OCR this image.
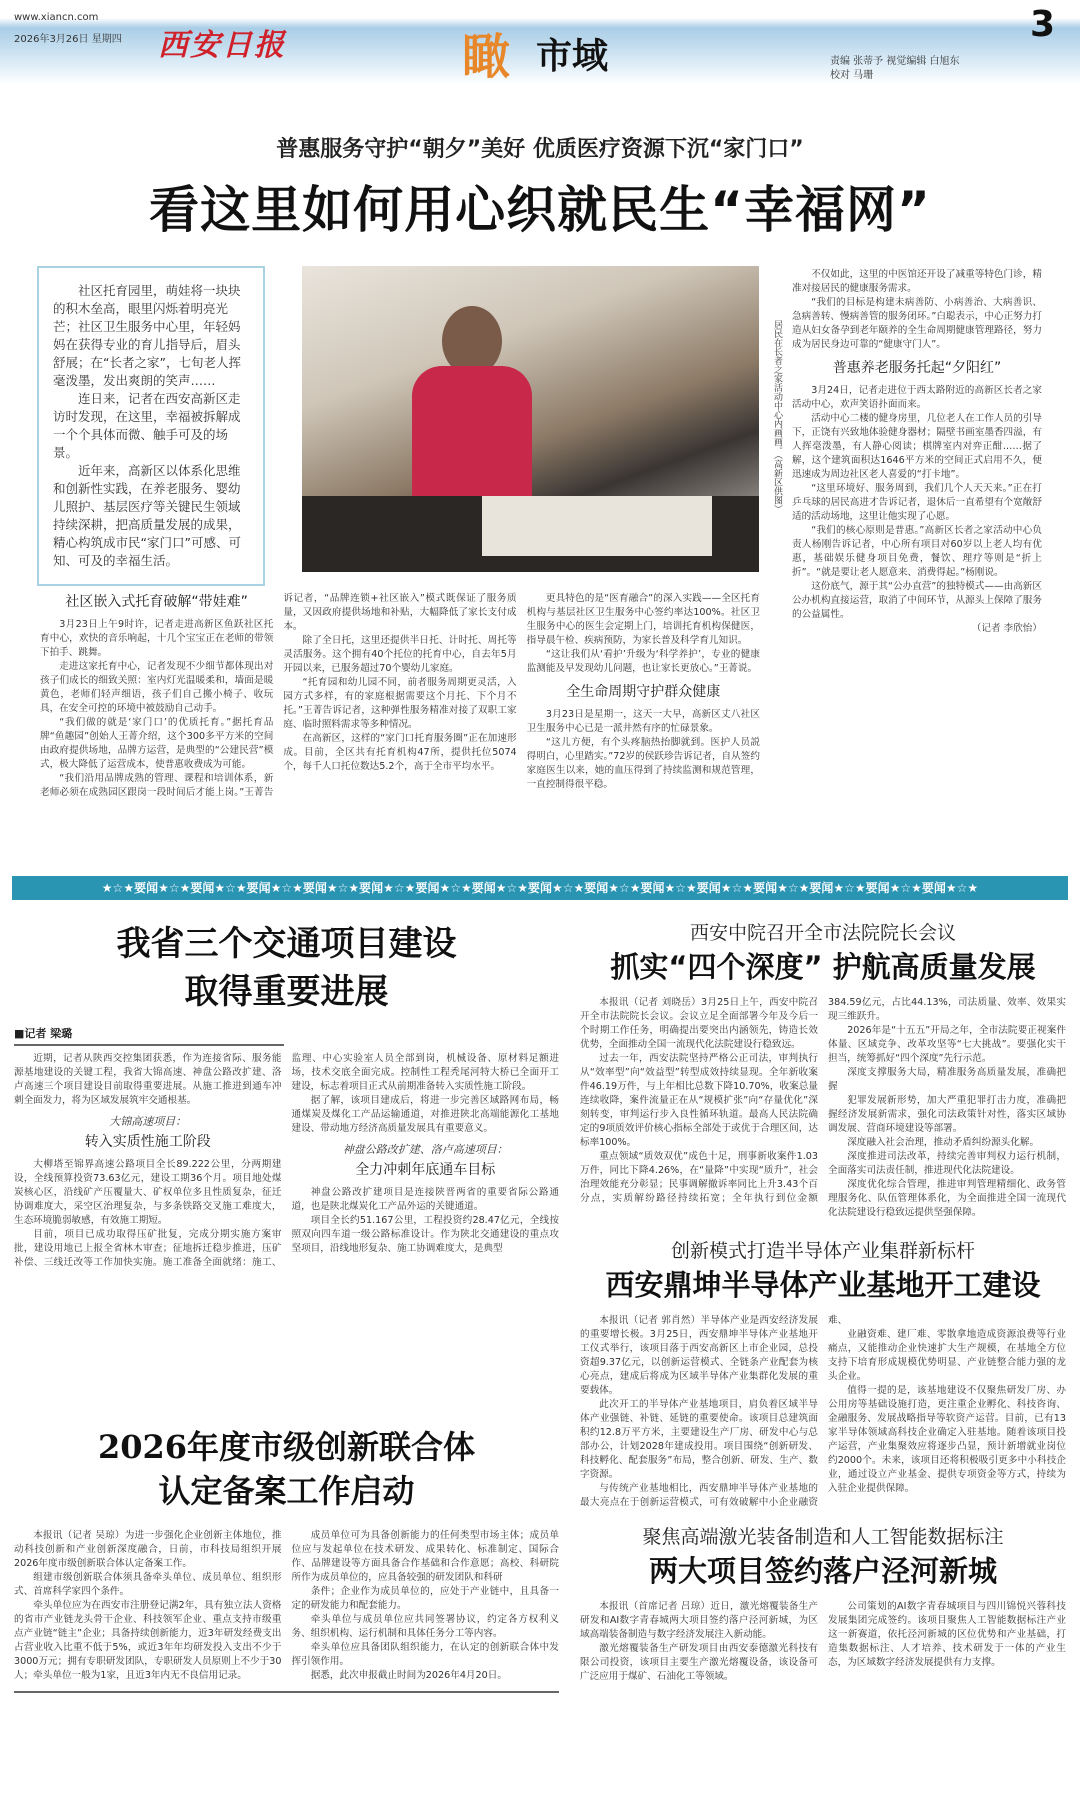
www.xiancn.com
2026年3月26日 星期四 西安日报	瞰 市域	责编 张蒂予 视觉编辑 白旭东
校对 马珊
3
普惠服务守护“朝夕”美好 优质医疗资源下沉“家门口”
看这里如何用心织就民生“幸福网”

社区托育园里，萌娃将一块块的积木垒高，眼里闪烁着明亮光芒；社区卫生服务中心里，年轻妈妈在获得专业的育儿指导后，眉头舒展；在“长者之家”，七旬老人挥毫泼墨，发出爽朗的笑声……

连日来，记者在西安高新区走访时发现，在这里，幸福被拆解成一个个具体而微、触手可及的场景。

近年来，高新区以体系化思维和创新性实践，在养老服务、婴幼儿照护、基层医疗等关键民生领域持续深耕，把高质量发展的成果，精心构筑成市民“家门口”可感、可知、可及的幸福生活。

居民在长者之家活动中心内画画。（高新区供图）
社区嵌入式托育破解“带娃难”

3月23日上午9时许，记者走进高新区鱼跃社区托育中心，欢快的音乐响起，十几个宝宝正在老师的带领下拍手、跳舞。

走进这家托育中心，记者发现不少细节都体现出对孩子们成长的细致关照：室内灯光温暖柔和，墙面是暖黄色，老师们轻声细语，孩子们自己搬小椅子、收玩具，在安全可控的环境中被鼓励自己动手。

“我们做的就是‘家门口’的优质托育。”据托育品牌“鱼趣园”创始人王菁介绍，这个300多平方米的空间由政府提供场地，品牌方运营，是典型的“公建民营”模式，极大降低了运营成本，使普惠收费成为可能。

“我们沿用品牌成熟的管理、课程和培训体系，新老师必须在成熟园区跟岗一段时间后才能上岗。”王菁告诉记者，“品牌连锁+社区嵌入”模式既保证了服务质量，又因政府提供场地和补贴，大幅降低了家长支付成本。

除了全日托，这里还提供半日托、计时托、周托等灵活服务。这个拥有40个托位的托育中心，自去年5月开园以来，已服务超过70个婴幼儿家庭。

“托育园和幼儿园不同，前者服务周期更灵活，入园方式多样，有的家庭根据需要这个月托、下个月不托。”王菁告诉记者，这种弹性服务精准对接了双职工家庭、临时照料需求等多种情况。

在高新区，这样的“家门口托育服务圈”正在加速形成。目前，全区共有托育机构47所，提供托位5074个，每千人口托位数达5.2个，高于全市平均水平。

更具特色的是“医育融合”的深入实践——全区托育机构与基层社区卫生服务中心签约率达100%。社区卫生服务中心的医生会定期上门，培训托育机构保健医，指导晨午检、疾病预防，为家长普及科学育儿知识。

“这让我们从‘看护’升级为‘科学养护’，专业的健康监测能及早发现幼儿问题，也让家长更放心。”王菁说。

全生命周期守护群众健康

3月23日是星期一，这天一大早，高新区丈八社区卫生服务中心已是一派井然有序的忙碌景象。

“这儿方便，有个头疼脑热抬脚就到。医护人员説得明白，心里踏实。”72岁的侯跃珍告诉记者，自从签约家庭医生以来，她的血压得到了持续监测和规范管理，一直控制得很平稳。

不仅如此，这里的中医馆还开设了减重等特色门诊，精准对接居民的健康服务需求。

“我们的目标是构建未病善防、小病善治、大病善识、急病善转、慢病善管的服务闭环。”白聪表示，中心正努力打造从妇女备孕到老年颐养的全生命周期健康管理路径，努力成为居民身边可靠的“健康守门人”。

普惠养老服务托起“夕阳红”

3月24日，记者走进位于西太路附近的高新区长者之家活动中心，欢声笑语扑面而来。

活动中心二楼的健身房里，几位老人在工作人员的引导下，正饶有兴致地体验健身器材；隔壁书画室墨香四溢，有人挥毫泼墨，有人静心阅读；棋牌室内对弈正酣……据了解，这个建筑面积达1646平方米的空间正式启用不久，便迅速成为周边社区老人喜爱的“打卡地”。

“这里环境好、服务周到，我们几个人天天来。”正在打乒乓球的居民高进才告诉记者，退休后一直希望有个宽敞舒适的活动场地，这里让他实现了心愿。

“我们的核心原则是普惠。”高新区长者之家活动中心负责人杨刚告诉记者，中心所有项目对60岁以上老人均有优惠，基础娱乐健身项目免费，餐饮、理疗等则是“折上折”。“就是要让老人愿意来、消费得起。”杨刚说。

这份底气，源于其“公办直营”的独特模式——由高新区公办机构直接运营，取消了中间环节，从源头上保障了服务的公益属性。

（记者 李欣怡）
★☆★要闻★☆★要闻★☆★要闻★☆★要闻★☆★要闻★☆★要闻★☆★要闻★☆★要闻★☆★要闻★☆★要闻★☆★要闻★☆★要闻★☆★要闻★☆★要闻★☆★要闻★☆★
我省三个交通项目建设
取得重要进展
■记者 梁璐

近期，记者从陕西交控集团获悉，作为连接省际、服务能源基地建设的关键工程，我省大锦高速、神盘公路改扩建、洛卢高速三个项目建设目前取得重要进展。从施工推进到通车冲刺全面发力，将为区域发展筑牢交通根基。

大锦高速项目：
转入实质性施工阶段

大柳塔至锦界高速公路项目全长89.222公里，分两期建设，全线预算投资73.63亿元，建设工期36个月。项目地处煤炭核心区，沿线矿产压覆量大、矿权单位多且性质复杂，征迁协调难度大，采空区治理复杂，与多条铁路交叉施工难度大，生态环境脆弱敏感，有效施工期短。

目前，项目已成功取得压矿批复，完成分期实施方案审批，建设用地已上报全省林木审查；征地拆迁稳步推进，压矿补偿、三线迁改等工作加快实施。施工准备全面就绪：施工、监理、中心实验室人员全部到岗，机械设备、原材料足额进场，技术交底全面完成。控制性工程秃尾河特大桥已全面开工建设，标志着项目正式从前期准备转入实质性施工阶段。

据了解，该项目建成后，将进一步完善区域路网布局，畅通煤炭及煤化工产品运输通道，对推进陕北高端能源化工基地建设、带动地方经济高质量发展具有重要意义。

神盘公路改扩建、洛卢高速项目：
全力冲刺年底通车目标

神盘公路改扩建项目是连接陕晋两省的重要省际公路通道，也是陕北煤炭化工产品外运的关键通道。

项目全长约51.167公里，工程投资约28.47亿元，全线按照双向四车道一级公路标准设计。作为陕北交通建设的重点攻坚项目，沿线地形复杂、施工协调难度大，是典型

2026年度市级创新联合体
认定备案工作启动

本报讯（记者 吴琼）为进一步强化企业创新主体地位，推动科技创新和产业创新深度融合，日前，市科技局组织开展2026年度市级创新联合体认定备案工作。

组建市级创新联合体须具备牵头单位、成员单位、组织形式、首席科学家四个条件。

牵头单位应为在西安市注册登记满2年，具有独立法人资格的省市产业链龙头骨干企业、科技领军企业、重点支持市级重点产业链“链主”企业；具备持续创新能力，近3年研发经费支出占营业收入比重不低于5%，或近3年年均研发投入支出不少于3000万元；拥有专职研发团队，专职研发人员原则上不少于30人；牵头单位一般为1家，且近3年内无不良信用记录。

成员单位可为具备创新能力的任何类型市场主体；成员单位应与发起单位在技术研发、成果转化、标准制定、国际合作、品牌建设等方面具备合作基础和合作意愿；高校、科研院所作为成员单位的，应具备较强的研发团队和科研

条件；企业作为成员单位的，应处于产业链中，且具备一定的研发能力和配套能力。

牵头单位与成员单位应共同签署协议，约定各方权利义务、组织机构、运行机制和具体任务分工等内容。

牵头单位应具备团队组织能力，在认定的创新联合体中发挥引领作用。

据悉，此次申报截止时间为2026年4月20日。

西安中院召开全市法院院长会议
抓实“四个深度” 护航高质量发展

本报讯（记者 刘晓岳）3月25日上午，西安中院召开全市法院院长会议。会议立足全面部署今年及今后一个时期工作任务，明确提出要突出内涵领先，铸造长效优势，全面推动全国一流现代化法院建设行稳致远。

过去一年，西安法院坚持严格公正司法，审判执行从“效率型”向“效益型”转型成效持续显现。全年新收案件46.19万件，与上年相比总数下降10.70%，收案总量连续收降，案件流量正在从“规模扩张”向“存量优化”深刻转变，审判运行步入良性循环轨道。最高人民法院确定的9项质效评价核心指标全部处于或优于合理区间，达标率100%。

重点领域“质效双优”成色十足，刑事新收案件1.03万件，同比下降4.26%，在“量降”中实现“质升”，社会治理效能充分彰显；民事调解撤诉率同比上升3.43个百分点，实质解纷路径持续拓宽；全年执行到位金额384.59亿元，占比44.13%，司法质量、效率、效果实现三维跃升。

2026年是“十五五”开局之年，全市法院要正视案件体量、区域竞争、改革攻坚等“七大挑战”。要强化实干担当，统筹抓好“四个深度”先行示范。

深度支撑服务大局，精准服务高质量发展，准确把握

犯罪发展新形势，加大严重犯罪打击力度，准确把握经济发展新需求，强化司法政策针对性，落实区域协调发展、营商环境建设等部署。

深度融入社会治理，推动矛盾纠纷源头化解。

深度推进司法改革，持续完善审判权力运行机制，全面落实司法责任制，推进现代化法院建设。

深度优化综合管理，推进审判管理精细化、政务管理服务化、队伍管理体系化，为全面推进全国一流现代化法院建设行稳致远提供坚强保障。

创新模式打造半导体产业集群新标杆
西安鼎坤半导体产业基地开工建设

本报讯（记者 郭肖然）半导体产业是西安经济发展的重要增长极。3月25日，西安鼎坤半导体产业基地开工仪式举行，该项目落于西安高新区上市企业园，总投资超9.37亿元，以创新运营模式、全链条产业配套为核心亮点，建成后将成为区域半导体产业集群化发展的重要载体。

此次开工的半导体产业基地项目，肩负着区域半导体产业强链、补链、延链的重要使命。该项目总建筑面积约12.8万平方米，主要建设生产厂房、研发中心与总部办公，计划2028年建成投用。项目围绕“创新研发、科技孵化、配套服务”布局，整合创新、研发、生产、数字资源。

与传统产业基地相比，西安鼎坤半导体产业基地的最大亮点在于创新运营模式，可有效破解中小企业融资难、

业融资难、建厂难、零散拿地造成资源浪费等行业痛点，又能推动企业快速扩大生产规模，在基地全方位支持下培育形成规模优势明显、产业链整合能力强的龙头企业。

值得一提的是，该基地建设不仅聚焦研发厂房、办公用房等基础设施打造，更注重企业孵化、科技咨询、金融服务、发展战略指导等软资产运营。目前，已有13家半导体领域高科技企业确定入驻基地。随着该项目投产运营，产业集聚效应将逐步凸显，预计新增就业岗位约2000个。未来，该项目还将积极吸引更多中小科技企业，通过设立产业基金、提供专项资金等方式，持续为入驻企业提供保障。

聚焦高端激光装备制造和人工智能数据标注
两大项目签约落户泾河新城

本报讯（首席记者 吕琼）近日，激光熔覆装备生产研发和AI数字青春城两大项目签约落户泾河新城，为区域高端装备制造与数字经济发展注入新动能。

激光熔覆装备生产研发项目由西安泰德激光科技有限公司投资，该项目主要生产激光熔覆设备，该设备可广泛应用于煤矿、石油化工等领域。

公司策划的AI数字青春城项目与四川锦悦兴蓉科技发展集团完成签约。该项目聚焦人工智能数据标注产业这一新赛道，依托泾河新城的区位优势和产业基础，打造集数据标注、人才培养、技术研发于一体的产业生态，为区域数字经济发展提供有力支撑。
